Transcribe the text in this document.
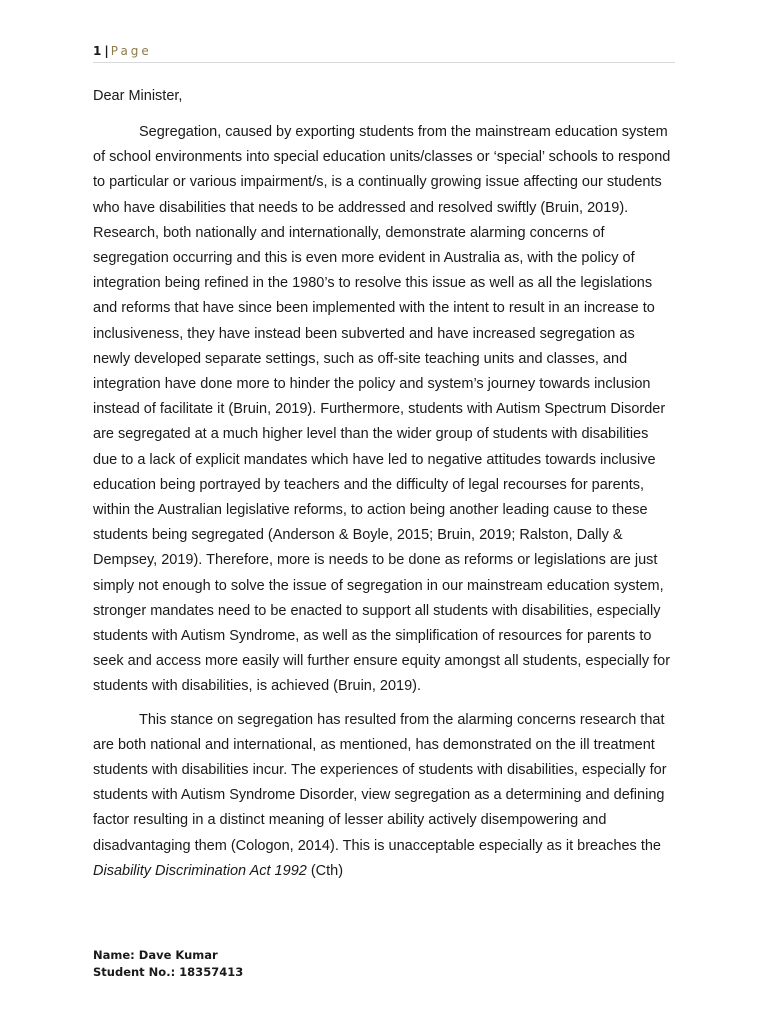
1 | Page

Dear Minister,

Segregation, caused by exporting students from the mainstream education system of school environments into special education units/classes or ‘special’ schools to respond to particular or various impairment/s, is a continually growing issue affecting our students who have disabilities that needs to be addressed and resolved swiftly (Bruin, 2019). Research, both nationally and internationally, demonstrate alarming concerns of segregation occurring and this is even more evident in Australia as, with the policy of integration being refined in the 1980’s to resolve this issue as well as all the legislations and reforms that have since been implemented with the intent to result in an increase to inclusiveness, they have instead been subverted and have increased segregation as newly developed separate settings, such as off-site teaching units and classes, and integration have done more to hinder the policy and system’s journey towards inclusion instead of facilitate it (Bruin, 2019). Furthermore, students with Autism Spectrum Disorder are segregated at a much higher level than the wider group of students with disabilities due to a lack of explicit mandates which have led to negative attitudes towards inclusive education being portrayed by teachers and the difficulty of legal recourses for parents, within the Australian legislative reforms, to action being another leading cause to these students being segregated (Anderson & Boyle, 2015; Bruin, 2019; Ralston, Dally & Dempsey, 2019). Therefore, more is needs to be done as reforms or legislations are just simply not enough to solve the issue of segregation in our mainstream education system, stronger mandates need to be enacted to support all students with disabilities, especially students with Autism Syndrome, as well as the simplification of resources for parents to seek and access more easily will further ensure equity amongst all students, especially for students with disabilities, is achieved (Bruin, 2019).

This stance on segregation has resulted from the alarming concerns research that are both national and international, as mentioned, has demonstrated on the ill treatment students with disabilities incur. The experiences of students with disabilities, especially for students with Autism Syndrome Disorder, view segregation as a determining and defining factor resulting in a distinct meaning of lesser ability actively disempowering and disadvantaging them (Cologon, 2014). This is unacceptable especially as it breaches the Disability Discrimination Act 1992 (Cth)

Name: Dave Kumar
Student No.: 18357413
